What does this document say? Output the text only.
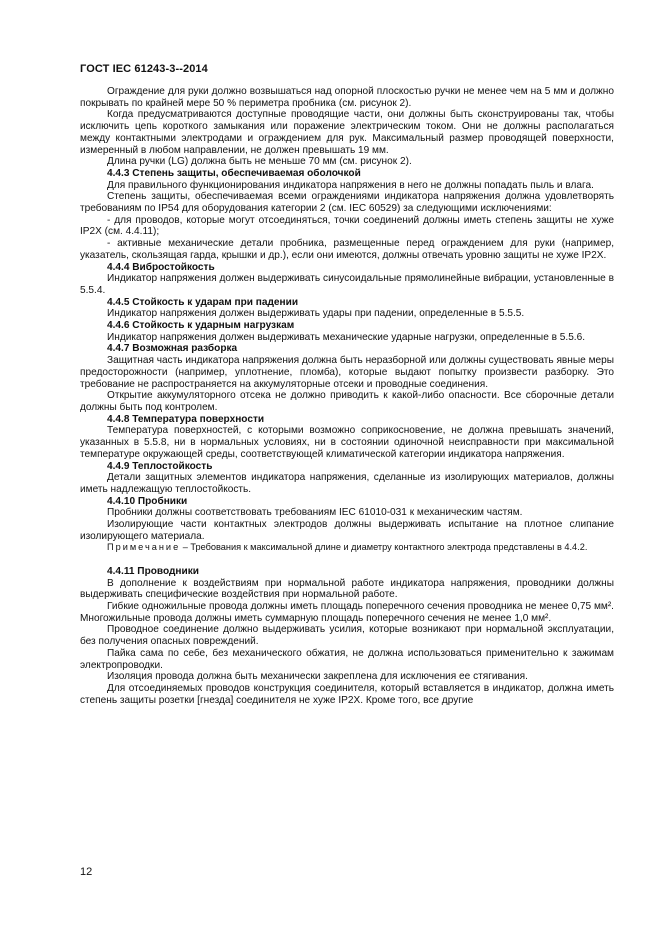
ГОСТ IEC 61243-3--2014

Ограждение для руки должно возвышаться над опорной плоскостью ручки не менее чем на 5 мм и должно покрывать по крайней мере 50 % периметра пробника (см. рисунок 2).

Когда предусматриваются доступные проводящие части, они должны быть сконструированы так, чтобы исключить цепь короткого замыкания или поражение электрическим током. Они не должны располагаться между контактными электродами и ограждением для рук. Максимальный размер проводящей поверхности, измеренный в любом направлении, не должен превышать 19 мм.

Длина ручки (LG) должна быть не меньше 70 мм (см. рисунок 2).

4.4.3 Степень защиты, обеспечиваемая оболочкой

Для правильного функционирования индикатора напряжения в него не должны попадать пыль и влага.

Степень защиты, обеспечиваемая всеми ограждениями индикатора напряжения должна удовлетворять требованиям по IP54 для оборудования категории 2 (см. IEC 60529) за следующими исключениями:

- для проводов, которые могут отсоединяться, точки соединений должны иметь степень защиты не хуже IP2X (см. 4.4.11);

- активные механические детали пробника, размещенные перед ограждением для руки (например, указатель, скользящая гарда, крышки и др.), если они имеются, должны отвечать уровню защиты не хуже IP2X.

4.4.4 Вибростойкость

Индикатор напряжения должен выдерживать синусоидальные прямолинейные вибрации, установленные в 5.5.4.

4.4.5 Стойкость к ударам при падении

Индикатор напряжения должен выдерживать удары при падении, определенные в 5.5.5.

4.4.6 Стойкость к ударным нагрузкам

Индикатор напряжения должен выдерживать механические ударные нагрузки, определенные в 5.5.6.

4.4.7 Возможная разборка

Защитная часть индикатора напряжения должна быть неразборной или должны существовать явные меры предосторожности (например, уплотнение, пломба), которые выдают попытку произвести разборку. Это требование не распространяется на аккумуляторные отсеки и проводные соединения.

Открытие аккумуляторного отсека не должно приводить к какой-либо опасности. Все сборочные детали должны быть под контролем.

4.4.8 Температура поверхности

Температура поверхностей, с которыми возможно соприкосновение, не должна превышать значений, указанных в 5.5.8, ни в нормальных условиях, ни в состоянии одиночной неисправности при максимальной температуре окружающей среды, соответствующей климатической категории индикатора напряжения.

4.4.9 Теплостойкость

Детали защитных элементов индикатора напряжения, сделанные из изолирующих материалов, должны иметь надлежащую теплостойкость.

4.4.10 Пробники

Пробники должны соответствовать требованиям IEC 61010-031 к механическим частям.

Изолирующие части контактных электродов должны выдерживать испытание на плотное слипание изолирующего материала.

Примечание – Требования к максимальной длине и диаметру контактного электрода представлены в 4.4.2.

4.4.11 Проводники

В дополнение к воздействиям при нормальной работе индикатора напряжения, проводники должны выдерживать специфические воздействия при нормальной работе.

Гибкие одножильные провода должны иметь площадь поперечного сечения проводника не менее 0,75 мм². Многожильные провода должны иметь суммарную площадь поперечного сечения не менее 1,0 мм².

Проводное соединение должно выдерживать усилия, которые возникают при нормальной эксплуатации, без получения опасных повреждений.

Пайка сама по себе, без механического обжатия, не должна использоваться применительно к зажимам электропроводки.

Изоляция провода должна быть механически закреплена для исключения ее стягивания.

Для отсоединяемых проводов конструкция соединителя, который вставляется в индикатор, должна иметь степень защиты розетки [гнезда] соединителя не хуже IP2X. Кроме того, все другие

12
